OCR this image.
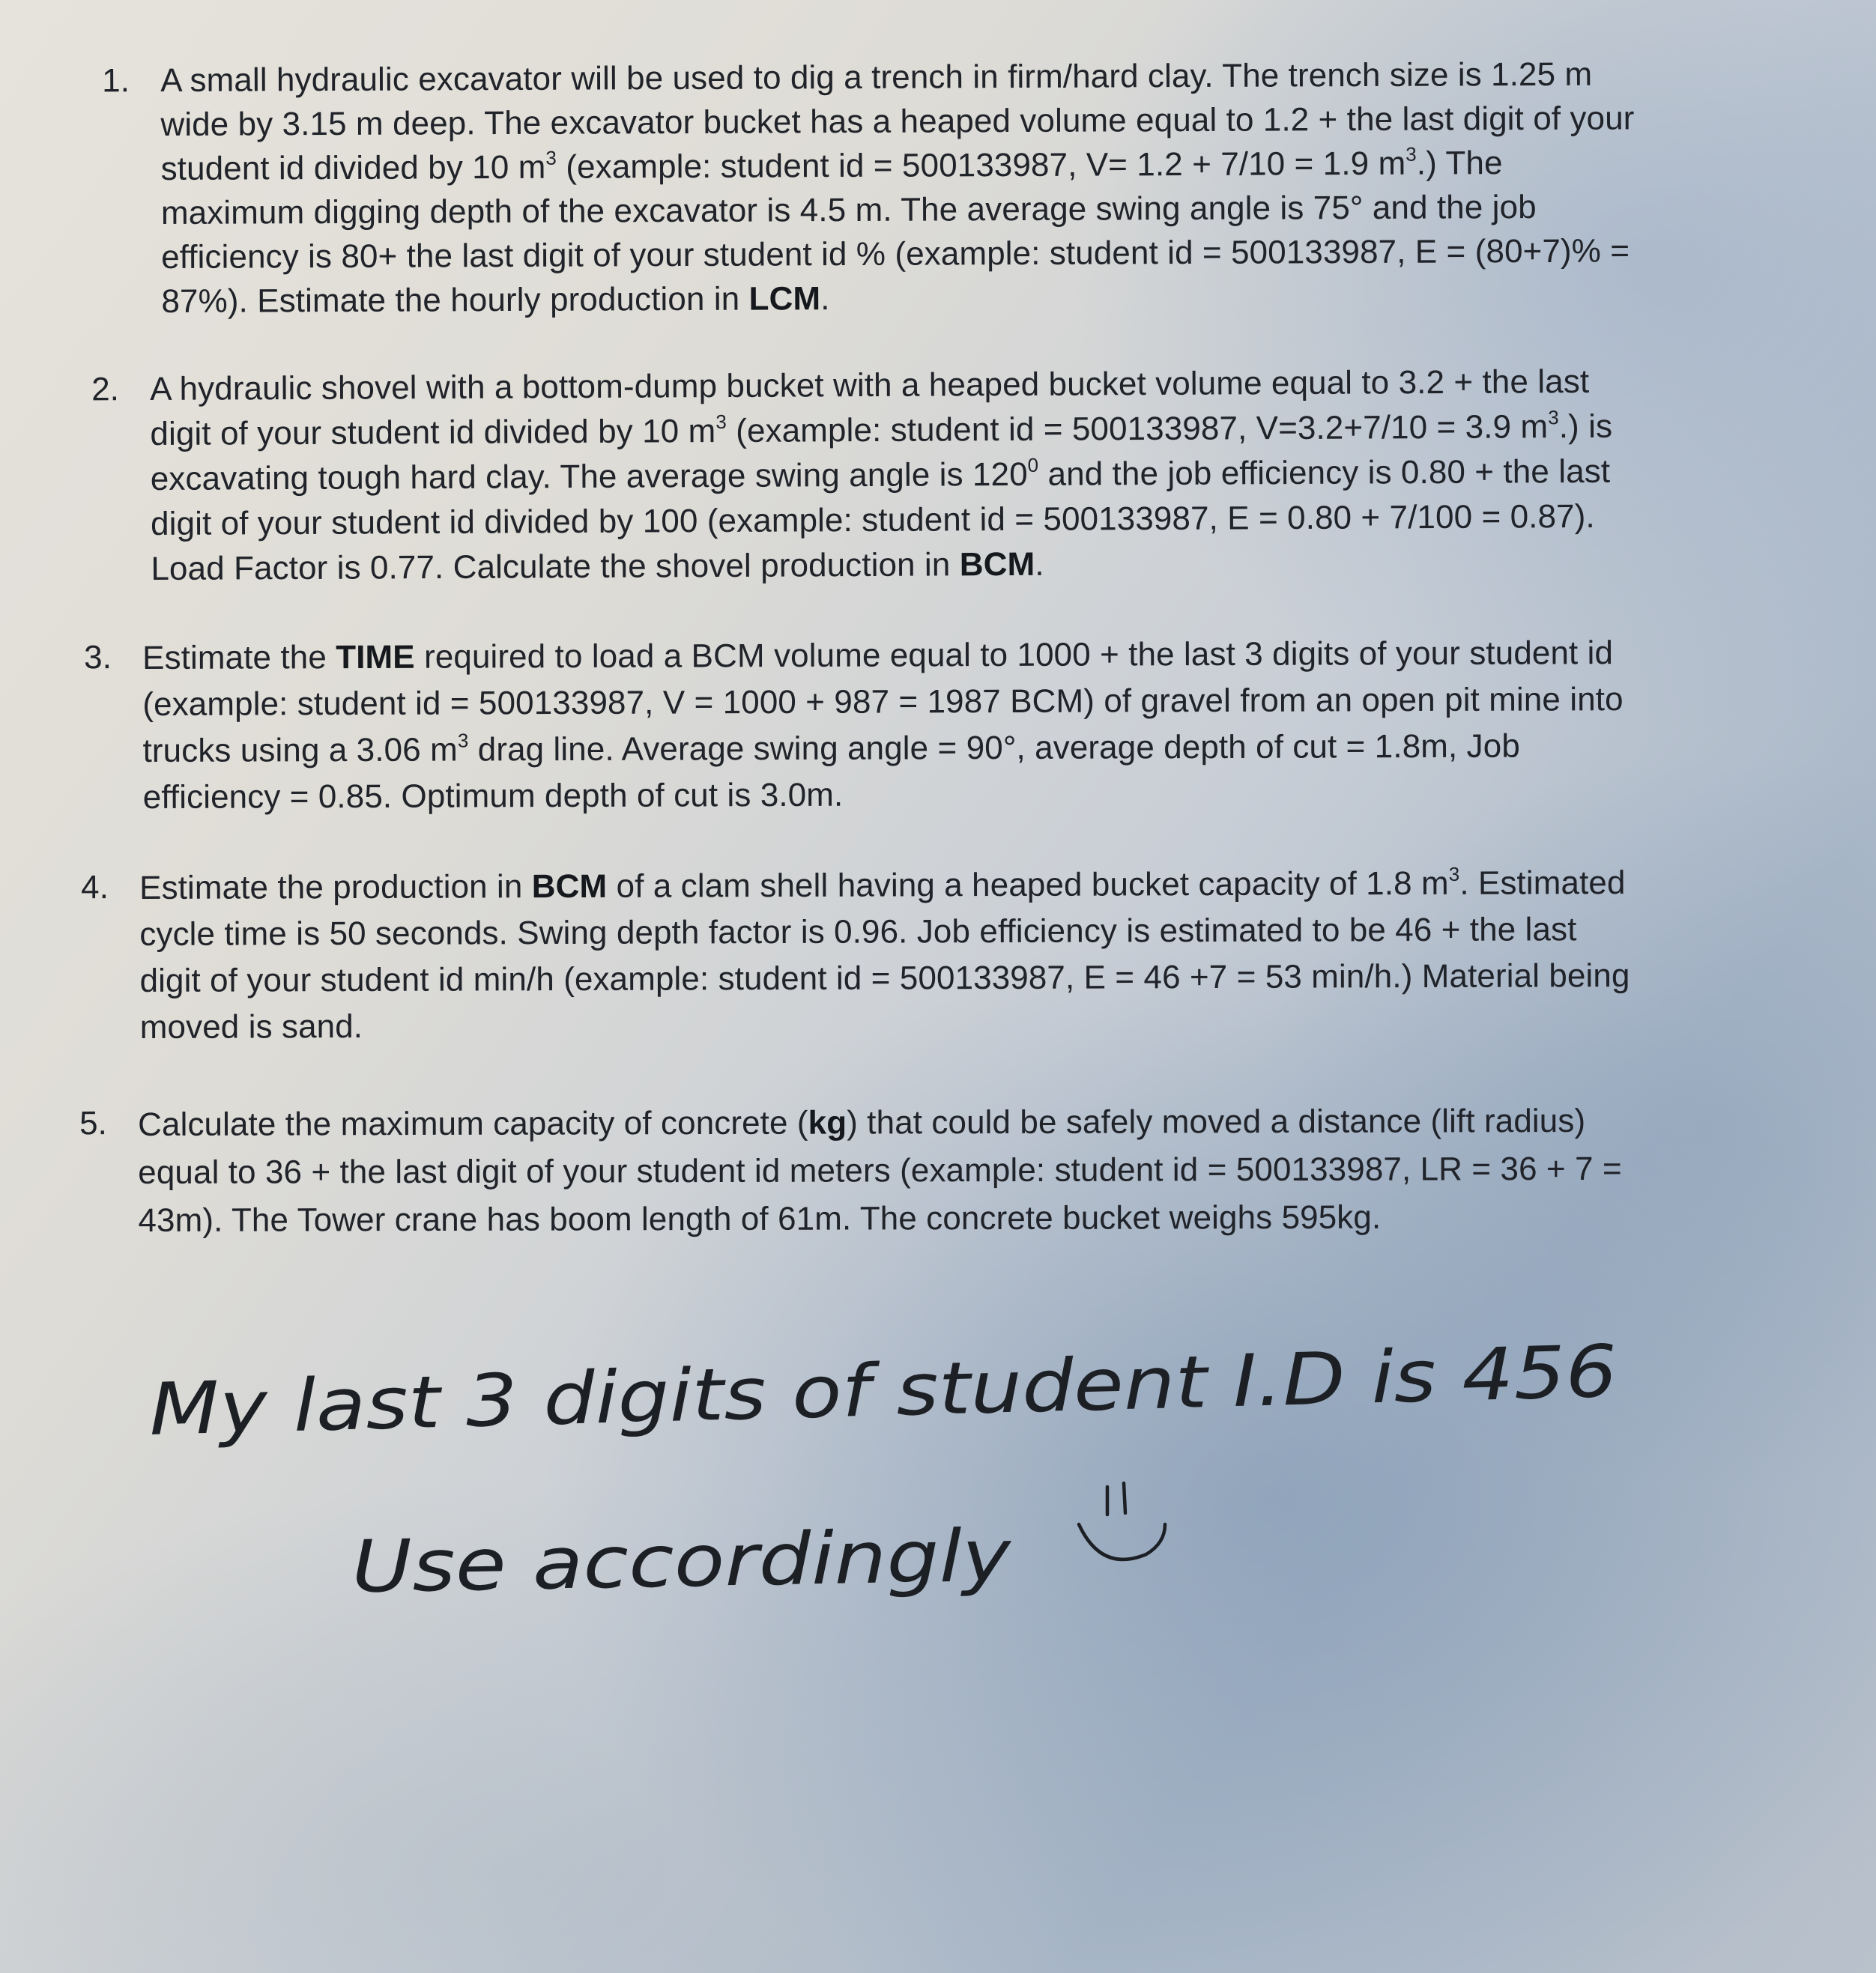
1. A small hydraulic excavator will be used to dig a trench in firm/hard clay. The trench size is 1.25 m
wide by 3.15 m deep. The excavator bucket has a heaped volume equal to 1.2 + the last digit of your
student id divided by 10 $m^3$ (example: student id = 500133987, V= 1.2 + 7/10 = 1.9 $m^3$.) The
maximum digging depth of the excavator is 4.5 m. The average swing angle is 75° and the job
efficiency is 80+ the last digit of your student id % (example: student id = 500133987, E = (80+7)% =
87%). Estimate the hourly production in LCM.
2. A hydraulic shovel with a bottom-dump bucket with a heaped bucket volume equal to 3.2 + the last
digit of your student id divided by 10 $m^3$ (example: student id = 500133987, V=3.2+7/10 = 3.9 $m^3$.) is
excavating tough hard clay. The average swing angle is $120^0$ and the job efficiency is 0.80 + the last
digit of your student id divided by 100 (example: student id = 500133987, E = 0.80 + 7/100 = 0.87).
Load Factor is 0.77. Calculate the shovel production in BCM.
3. Estimate the TIME required to load a BCM volume equal to 1000 + the last 3 digits of your student id
(example: student id = 500133987, V = 1000 + 987 = 1987 BCM) of gravel from an open pit mine into
trucks using a 3.06 $m^3$ drag line. Average swing angle = 90°, average depth of cut = 1.8m, Job
efficiency = 0.85. Optimum depth of cut is 3.0m.
4. Estimate the production in BCM of a clam shell having a heaped bucket capacity of 1.8 $m^3$. Estimated
cycle time is 50 seconds. Swing depth factor is 0.96. Job efficiency is estimated to be 46 + the last
digit of your student id min/h (example: student id = 500133987, E = 46 +7 = 53 min/h.) Material being
moved is sand.
5. Calculate the maximum capacity of concrete (kg) that could be safely moved a distance (lift radius)
equal to 36 + the last digit of your student id meters (example: student id = 500133987, LR = 36 + 7 =
43m). The Tower crane has boom length of 61m. The concrete bucket weighs 595kg.
My last 3 digits of student I.D is 456
Use accordingly
